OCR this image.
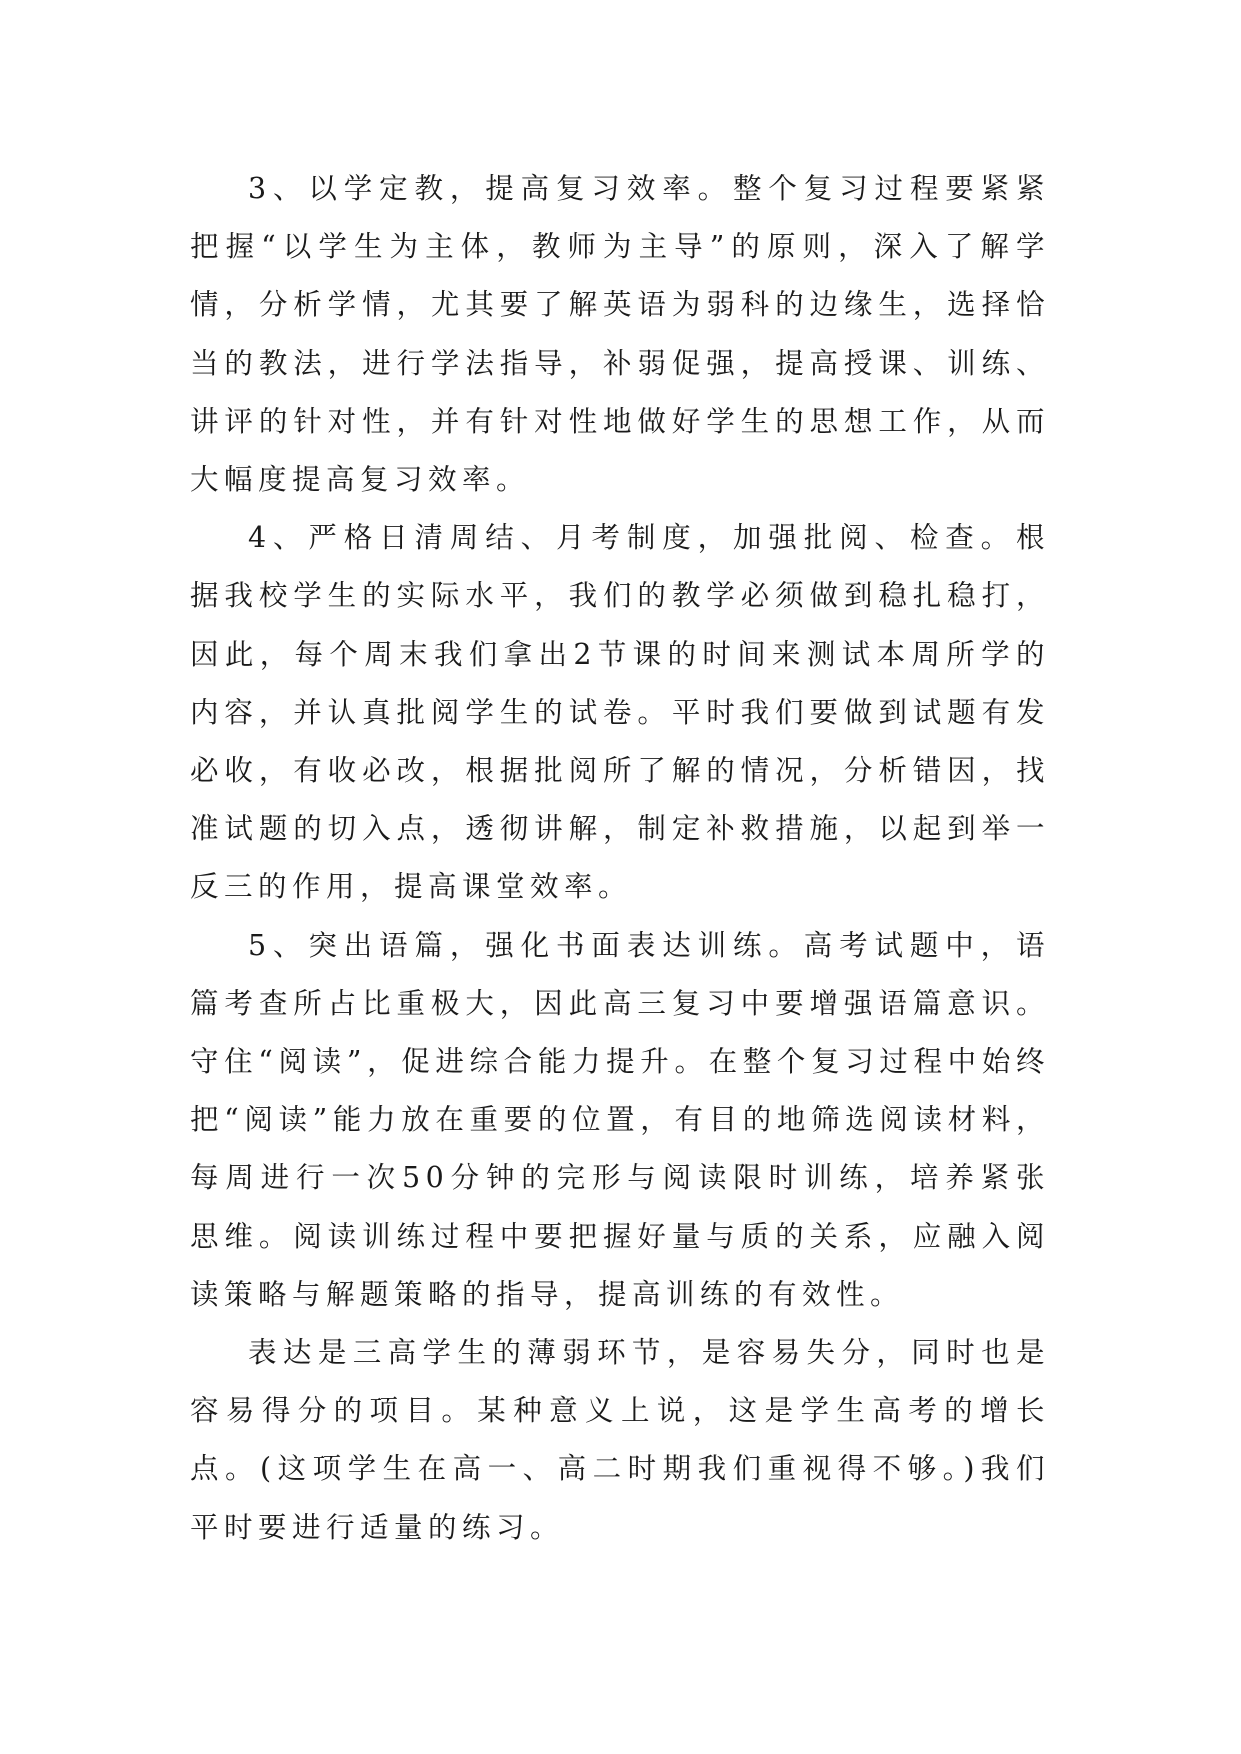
3、以学定教，提高复习效率。整个复习过程要紧紧把握“以学生为主体，教师为主导”的原则，深入了解学情，分析学情，尤其要了解英语为弱科的边缘生，选择恰当的教法，进行学法指导，补弱促强，提高授课、训练、讲评的针对性，并有针对性地做好学生的思想工作，从而大幅度提高复习效率。

4、严格日清周结、月考制度，加强批阅、检查。根据我校学生的实际水平，我们的教学必须做到稳扎稳打，因此，每个周末我们拿出2节课的时间来测试本周所学的内容，并认真批阅学生的试卷。平时我们要做到试题有发必收，有收必改，根据批阅所了解的情况，分析错因，找准试题的切入点，透彻讲解，制定补救措施，以起到举一反三的作用，提高课堂效率。

5、突出语篇，强化书面表达训练。高考试题中，语篇考查所占比重极大，因此高三复习中要增强语篇意识。守住“阅读”，促进综合能力提升。在整个复习过程中始终把“阅读”能力放在重要的位置，有目的地筛选阅读材料，每周进行一次50分钟的完形与阅读限时训练，培养紧张思维。阅读训练过程中要把握好量与质的关系，应融入阅读策略与解题策略的指导，提高训练的有效性。

表达是三高学生的薄弱环节，是容易失分，同时也是容易得分的项目。某种意义上说，这是学生高考的增长点。(这项学生在高一、高二时期我们重视得不够。)我们平时要进行适量的练习。
